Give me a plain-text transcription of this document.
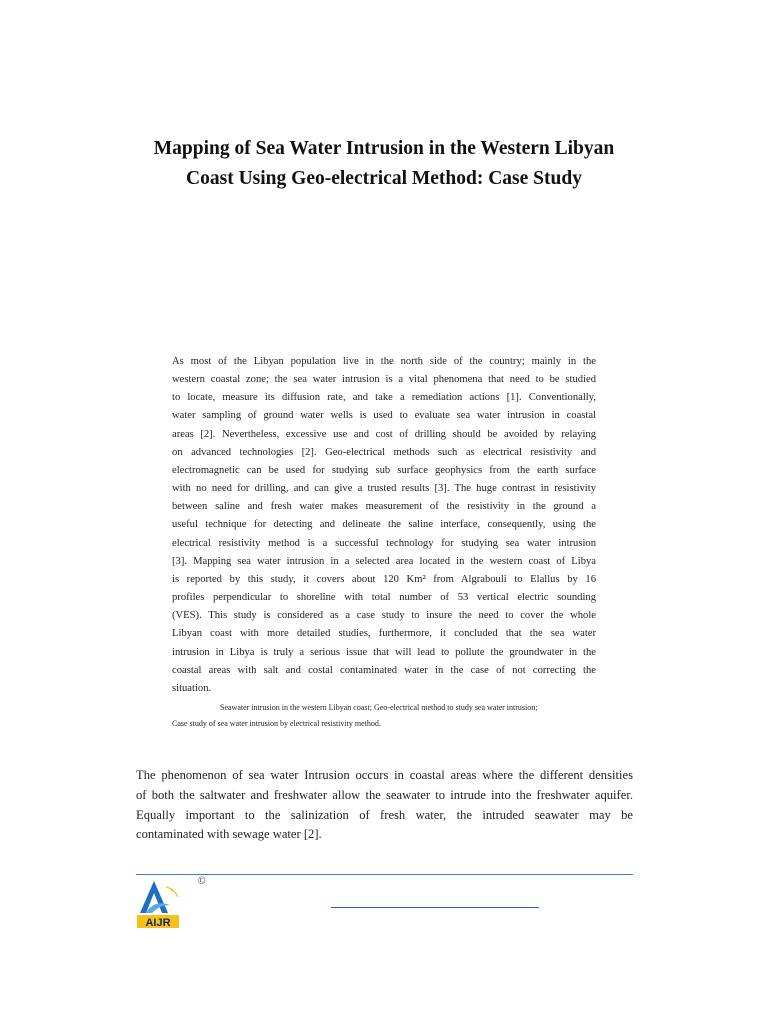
Mapping of Sea Water Intrusion in the Western Libyan
Coast Using Geo-electrical Method: Case Study
As most of the Libyan population live in the north side of the country; mainly in the
western coastal zone; the sea water intrusion is a vital phenomena that need to be studied
to locate, measure its diffusion rate, and take a remediation actions [1]. Conventionally,
water sampling of ground water wells is used to evaluate sea water intrusion in coastal
areas [2]. Nevertheless, excessive use and cost of drilling should be avoided by relaying
on advanced technologies [2]. Geo-electrical methods such as electrical resistivity and
electromagnetic can be used for studying sub surface geophysics from the earth surface
with no need for drilling, and can give a trusted results [3]. The huge contrast in resistivity
between saline and fresh water makes measurement of the resistivity in the ground a
useful technique for detecting and delineate the saline interface, consequently, using the
electrical resistivity method is a successful technology for studying sea water intrusion
[3]. Mapping sea water intrusion in a selected area located in the western coast of Libya
is reported by this study, it covers about 120 Km² from Algrabouli to Elallus by 16
profiles perpendicular to shoreline with total number of 53 vertical electric sounding
(VES). This study is considered as a case study to insure the need to cover the whole
Libyan coast with more detailed studies, furthermore, it concluded that the sea water
intrusion in Libya is truly a serious issue that will lead to pollute the groundwater in the
coastal areas with salt and costal contaminated water in the case of not correcting the
situation.
Seawater intrusion in the western Libyan coast; Geo-electrical method to study sea water intrusion;
Case study of sea water intrusion by electrical resistivity method.
The phenomenon of sea water Intrusion occurs in coastal areas where the different densities
of both the saltwater and freshwater allow the seawater to intrude into the freshwater aquifer.
Equally important to the salinization of fresh water, the intruded seawater may be
contaminated with sewage water [2].
AIJR
©
